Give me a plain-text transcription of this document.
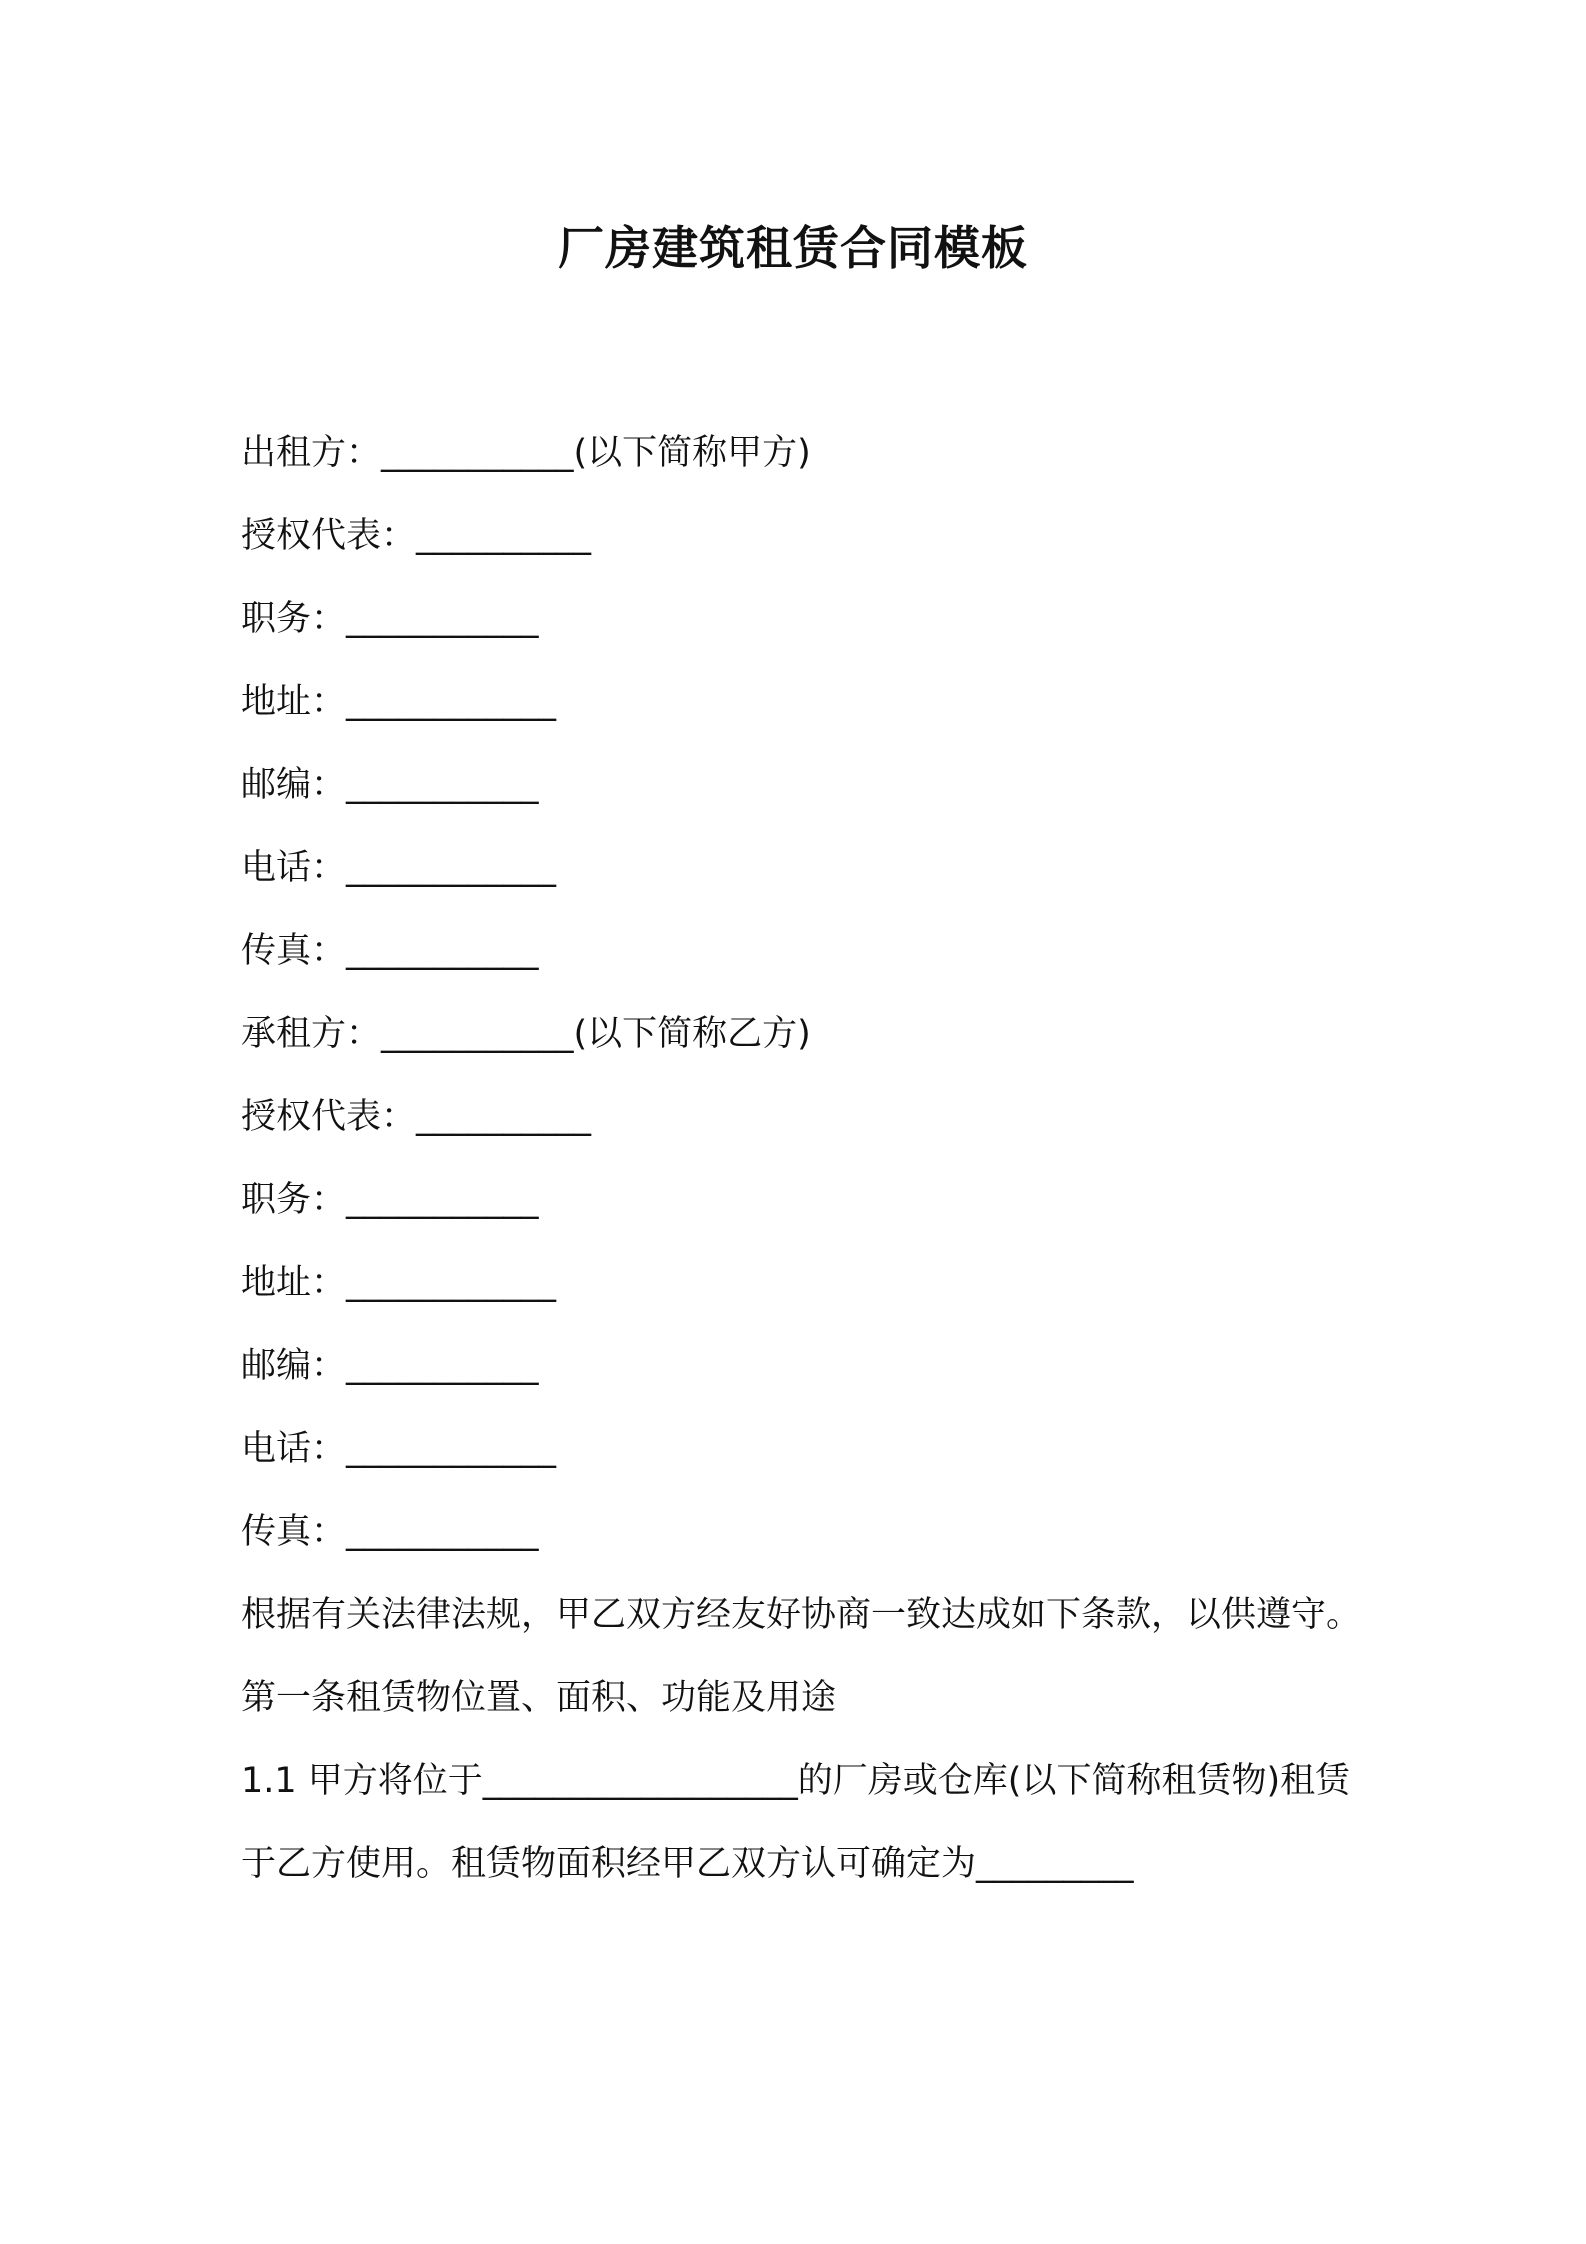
厂房建筑租赁合同模板
出租方：___________(以下简称甲方)
授权代表：__________
职务：___________
地址：____________
邮编：___________
电话：____________
传真：___________
承租方：___________(以下简称乙方)
授权代表：__________
职务：___________
地址：____________
邮编：___________
电话：____________
传真：___________
根据有关法律法规，甲乙双方经友好协商一致达成如下条款，以供遵守。
第一条租赁物位置、面积、功能及用途
1.1 甲方将位于__________________的厂房或仓库(以下简称租赁物)租赁于乙方使用。租赁物面积经甲乙双方认可确定为_________
